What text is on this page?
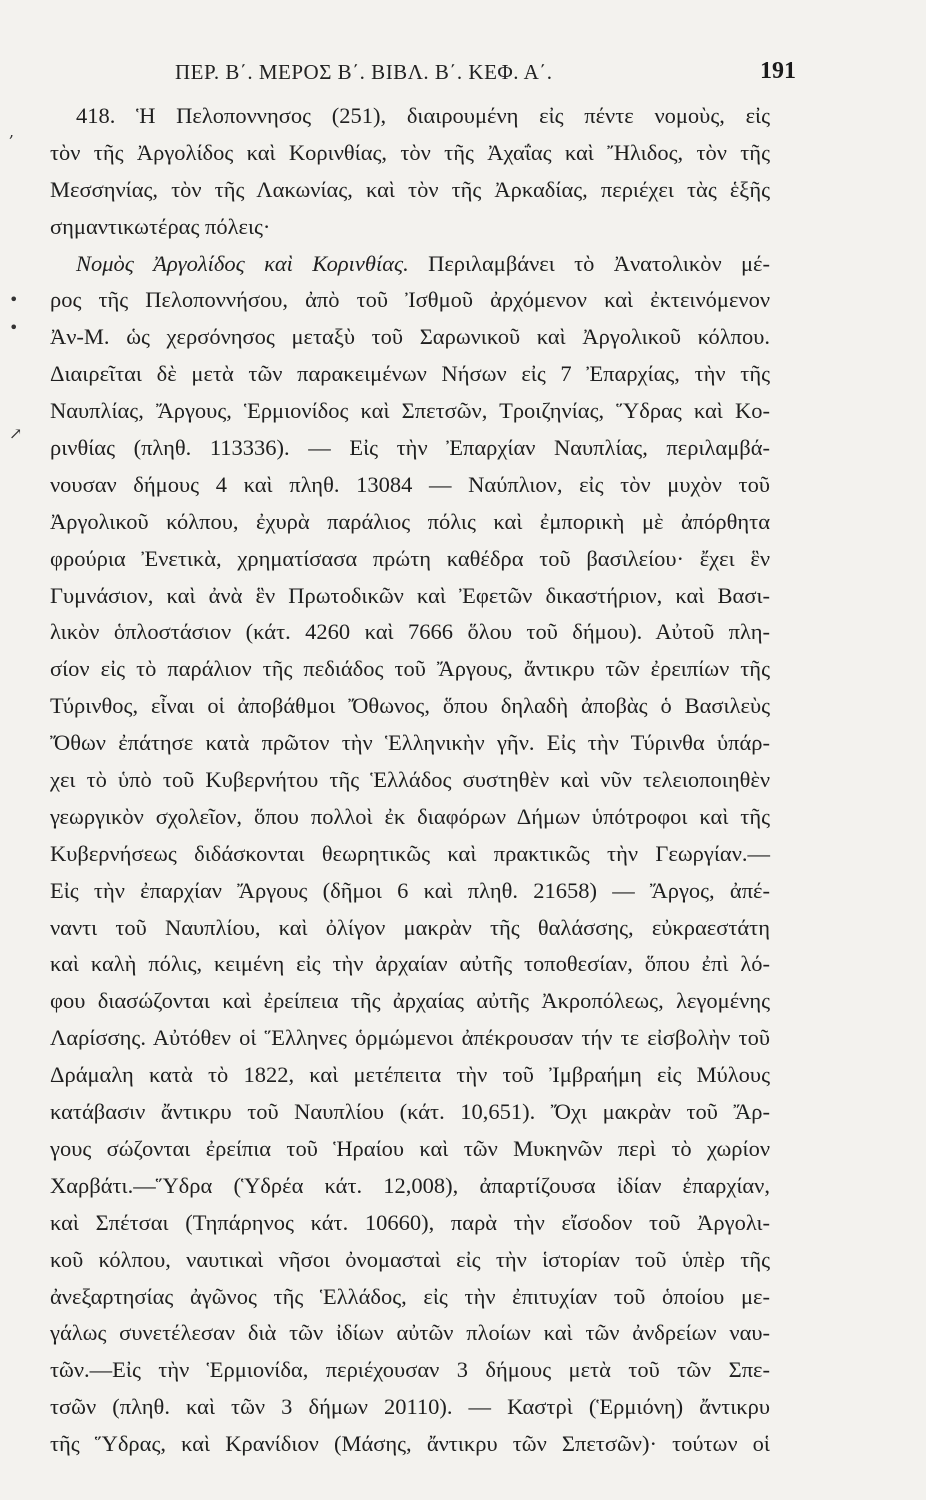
ΠΕΡ. Β΄. ΜΕΡΟΣ Β΄. ΒΙΒΛ. Β΄. ΚΕΦ. Α΄.	191
,
•
•
↗
418. Ἡ Πελοποννησος (251), διαιρουμένη εἰς πέντε νομοὺς, εἰς
τὸν τῆς Ἀργολίδος καὶ Κορινθίας, τὸν τῆς Ἀχαΐας καὶ Ἤλιδος, τὸν τῆς
Μεσσηνίας, τὸν τῆς Λακωνίας, καὶ τὸν τῆς Ἀρκαδίας, περιέχει τὰς ἑξῆς
σημαντικωτέρας πόλεις·
Νομὸς Ἀργολίδος καὶ Κορινθίας. Περιλαμβάνει τὸ Ἀνατολικὸν μέ-
ρος τῆς Πελοποννήσου, ἀπὸ τοῦ Ἰσθμοῦ ἀρχόμενον καὶ ἐκτεινόμενον
Ἀν-Μ. ὡς χερσόνησος μεταξὺ τοῦ Σαρωνικοῦ καὶ Ἀργολικοῦ κόλπου.
Διαιρεῖται δὲ μετὰ τῶν παρακειμένων Νήσων εἰς 7 Ἐπαρχίας, τὴν τῆς
Ναυπλίας, Ἄργους, Ἑρμιονίδος καὶ Σπετσῶν, Τροιζηνίας, Ὕδρας καὶ Κο-
ρινθίας (πληθ. 113336). — Εἰς τὴν Ἐπαρχίαν Ναυπλίας, περιλαμβά-
νουσαν δήμους 4 καὶ πληθ. 13084 — Ναύπλιον, εἰς τὸν μυχὸν τοῦ
Ἀργολικοῦ κόλπου, ἐχυρὰ παράλιος πόλις καὶ ἐμπορικὴ μὲ ἀπόρθητα
φρούρια Ἐνετικὰ, χρηματίσασα πρώτη καθέδρα τοῦ βασιλείου· ἔχει ἓν
Γυμνάσιον, καὶ ἀνὰ ἓν Πρωτοδικῶν καὶ Ἐφετῶν δικαστήριον, καὶ Βασι-
λικὸν ὁπλοστάσιον (κάτ. 4260 καὶ 7666 ὅλου τοῦ δήμου). Αὐτοῦ πλη-
σίον εἰς τὸ παράλιον τῆς πεδιάδος τοῦ Ἄργους, ἄντικρυ τῶν ἐρειπίων τῆς
Τύρινθος, εἶναι οἱ ἀποβάθμοι Ὄθωνος, ὅπου δηλαδὴ ἀποβὰς ὁ Βασιλεὺς
Ὄθων ἐπάτησε κατὰ πρῶτον τὴν Ἑλληνικὴν γῆν. Εἰς τὴν Τύρινθα ὑπάρ-
χει τὸ ὑπὸ τοῦ Κυβερνήτου τῆς Ἑλλάδος συστηθὲν καὶ νῦν τελειοποιηθὲν
γεωργικὸν σχολεῖον, ὅπου πολλοὶ ἐκ διαφόρων Δήμων ὑπότροφοι καὶ τῆς
Κυβερνήσεως διδάσκονται θεωρητικῶς καὶ πρακτικῶς τὴν Γεωργίαν.—
Εἰς τὴν ἐπαρχίαν Ἄργους (δῆμοι 6 καὶ πληθ. 21658) — Ἄργος, ἀπέ-
ναντι τοῦ Ναυπλίου, καὶ ὀλίγον μακρὰν τῆς θαλάσσης, εὐκραεστάτη
καὶ καλὴ πόλις, κειμένη εἰς τὴν ἀρχαίαν αὐτῆς τοποθεσίαν, ὅπου ἐπὶ λό-
φου διασώζονται καὶ ἐρείπεια τῆς ἀρχαίας αὐτῆς Ἀκροπόλεως, λεγομένης
Λαρίσσης. Αὐτόθεν οἱ Ἕλληνες ὁρμώμενοι ἀπέκρουσαν τήν τε εἰσβολὴν τοῦ
Δράμαλη κατὰ τὸ 1822, καὶ μετέπειτα τὴν τοῦ Ἰμβραήμη εἰς Μύλους
κατάβασιν ἄντικρυ τοῦ Ναυπλίου (κάτ. 10,651). Ὄχι μακρὰν τοῦ Ἄρ-
γους σώζονται ἐρείπια τοῦ Ἡραίου καὶ τῶν Μυκηνῶν περὶ τὸ χωρίον
Χαρβάτι.—Ὕδρα (Ὑδρέα κάτ. 12,008), ἀπαρτίζουσα ἰδίαν ἐπαρχίαν,
καὶ Σπέτσαι (Τηπάρηνος κάτ. 10660), παρὰ τὴν εἴσοδον τοῦ Ἀργολι-
κοῦ κόλπου, ναυτικαὶ νῆσοι ὀνομασταὶ εἰς τὴν ἱστορίαν τοῦ ὑπὲρ τῆς
ἀνεξαρτησίας ἀγῶνος τῆς Ἑλλάδος, εἰς τὴν ἐπιτυχίαν τοῦ ὁποίου με-
γάλως συνετέλεσαν διὰ τῶν ἰδίων αὐτῶν πλοίων καὶ τῶν ἀνδρείων ναυ-
τῶν.—Εἰς τὴν Ἑρμιονίδα, περιέχουσαν 3 δήμους μετὰ τοῦ τῶν Σπε-
τσῶν (πληθ. καὶ τῶν 3 δήμων 20110). — Καστρὶ (Ἑρμιόνη) ἄντικρυ
τῆς Ὕδρας, καὶ Κρανίδιον (Μάσης, ἄντικρυ τῶν Σπετσῶν)· τούτων οἱ
